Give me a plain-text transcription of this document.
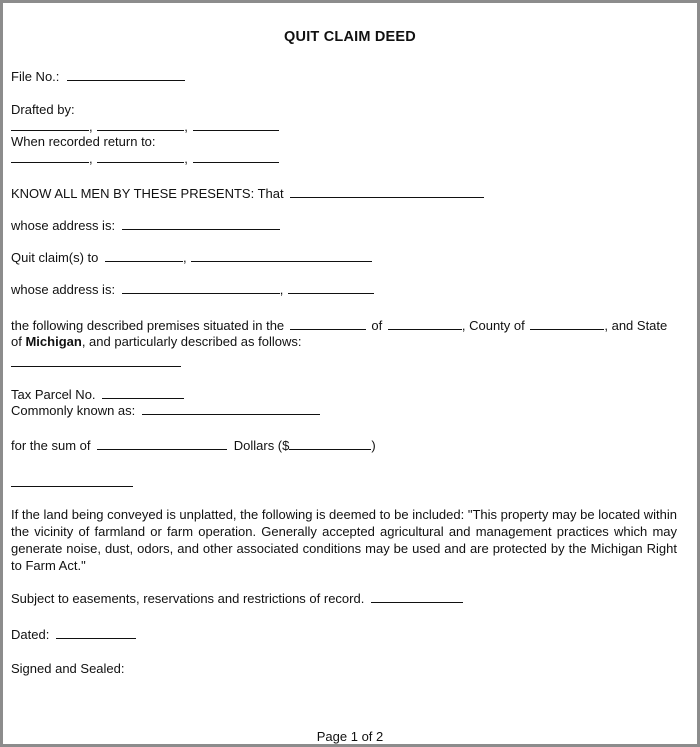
QUIT CLAIM DEED
File No.:
Drafted by:
,	,
When recorded return to:
,	,
KNOW ALL MEN BY THESE PRESENTS: That
whose address is:
Quit claim(s) to	,
whose address is:	,
the following described premises situated in the	of	, County of	, and State
of Michigan, and particularly described as follows:
Tax Parcel No.
Commonly known as:
for the sum of	Dollars ($	)
If the land being conveyed is unplatted, the following is deemed to be included: "This property may be located within the vicinity of farmland or farm operation. Generally accepted agricultural and management practices which may generate noise, dust, odors, and other associated conditions may be used and are protected by the Michigan Right to Farm Act."
Subject to easements, reservations and restrictions of record.
Dated:
Signed and Sealed:
Page 1 of 2
